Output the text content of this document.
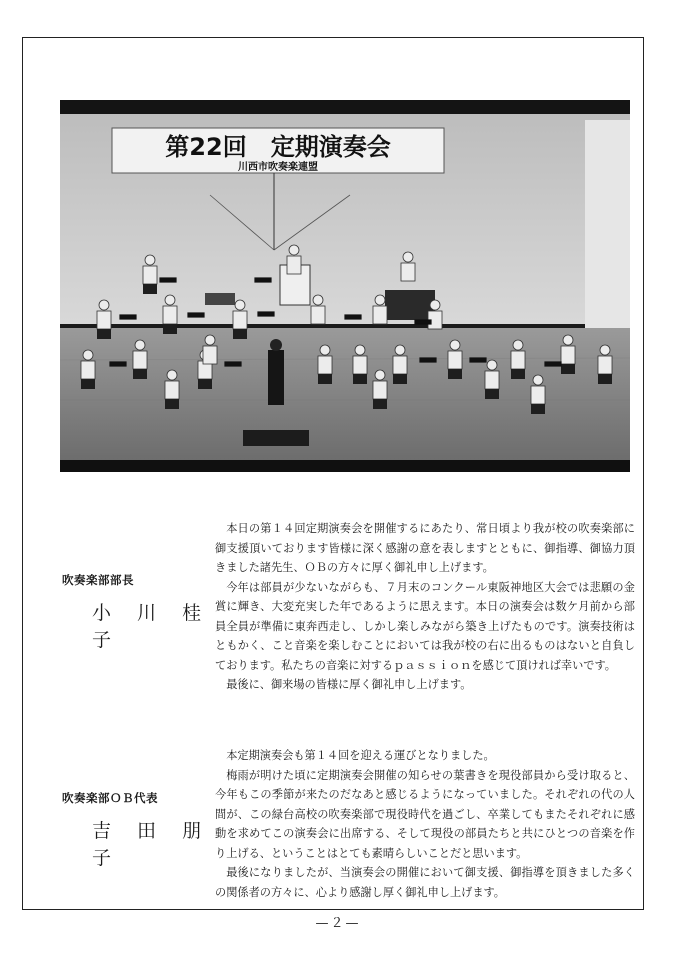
第22回　定期演奏会
川西市吹奏楽連盟
吹奏楽部部長
小 川 桂 子

本日の第１４回定期演奏会を開催するにあたり、常日頃より我が校の吹奏楽部に御支援頂いております皆様に深く感謝の意を表しますとともに、御指導、御協力頂きました諸先生、ＯＢの方々に厚く御礼申し上げます。

今年は部員が少ないながらも、７月末のコンクール東阪神地区大会では悲願の金賞に輝き、大変充実した年であるように思えます。本日の演奏会は数ケ月前から部員全員が準備に東奔西走し、しかし楽しみながら築き上げたものです。演奏技術はともかく、こと音楽を楽しむことにおいては我が校の右に出るものはないと自負しております。私たちの音楽に対するｐａｓｓｉｏｎを感じて頂ければ幸いです。

最後に、御来場の皆様に厚く御礼申し上げます。

吹奏楽部ＯＢ代表
吉 田 朋 子

本定期演奏会も第１４回を迎える運びとなりました。

梅雨が明けた頃に定期演奏会開催の知らせの葉書きを現役部員から受け取ると、今年もこの季節が来たのだなあと感じるようになっていました。それぞれの代の人間が、この緑台高校の吹奏楽部で現役時代を過ごし、卒業してもまたそれぞれに感動を求めてこの演奏会に出席する、そして現役の部員たちと共にひとつの音楽を作り上げる、ということはとても素晴らしいことだと思います。

最後になりましたが、当演奏会の開催において御支援、御指導を頂きました多くの関係者の方々に、心より感謝し厚く御礼申し上げます。

—２—
